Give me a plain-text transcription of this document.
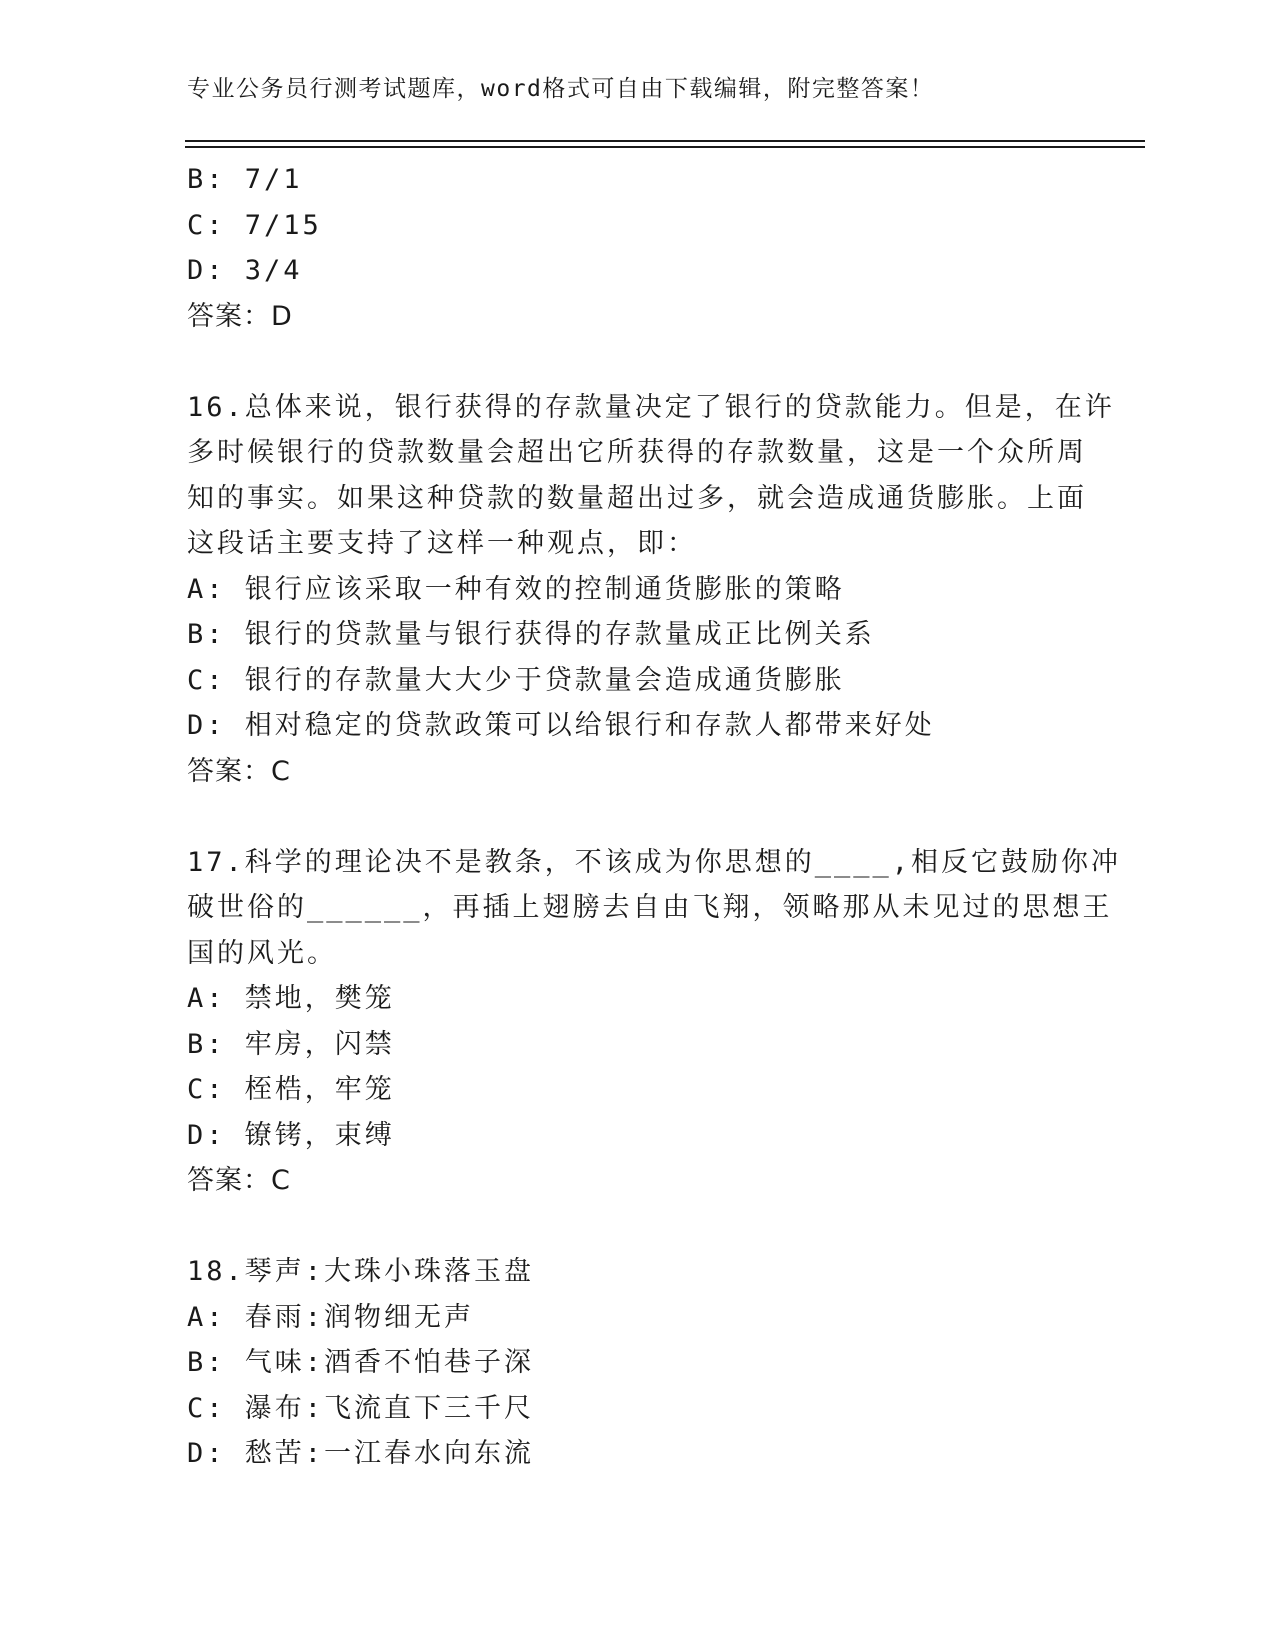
专业公务员行测考试题库，word格式可自由下载编辑，附完整答案！
B: 7/1
C: 7/15
D: 3/4
答案：D
16.总体来说，银行获得的存款量决定了银行的贷款能力。但是，在许
多时候银行的贷款数量会超出它所获得的存款数量，这是一个众所周
知的事实。如果这种贷款的数量超出过多，就会造成通货膨胀。上面
这段话主要支持了这样一种观点，即：
A: 银行应该采取一种有效的控制通货膨胀的策略
B: 银行的贷款量与银行获得的存款量成正比例关系
C: 银行的存款量大大少于贷款量会造成通货膨胀
D: 相对稳定的贷款政策可以给银行和存款人都带来好处
答案：C
17.科学的理论决不是教条，不该成为你思想的____,相反它鼓励你冲
破世俗的______，再插上翅膀去自由飞翔，领略那从未见过的思想王
国的风光。
A: 禁地，樊笼
B: 牢房，闪禁
C: 桎梏，牢笼
D: 镣铐，束缚
答案：C
18.琴声:大珠小珠落玉盘
A: 春雨:润物细无声
B: 气味:酒香不怕巷子深
C: 瀑布:飞流直下三千尺
D: 愁苦:一江春水向东流
